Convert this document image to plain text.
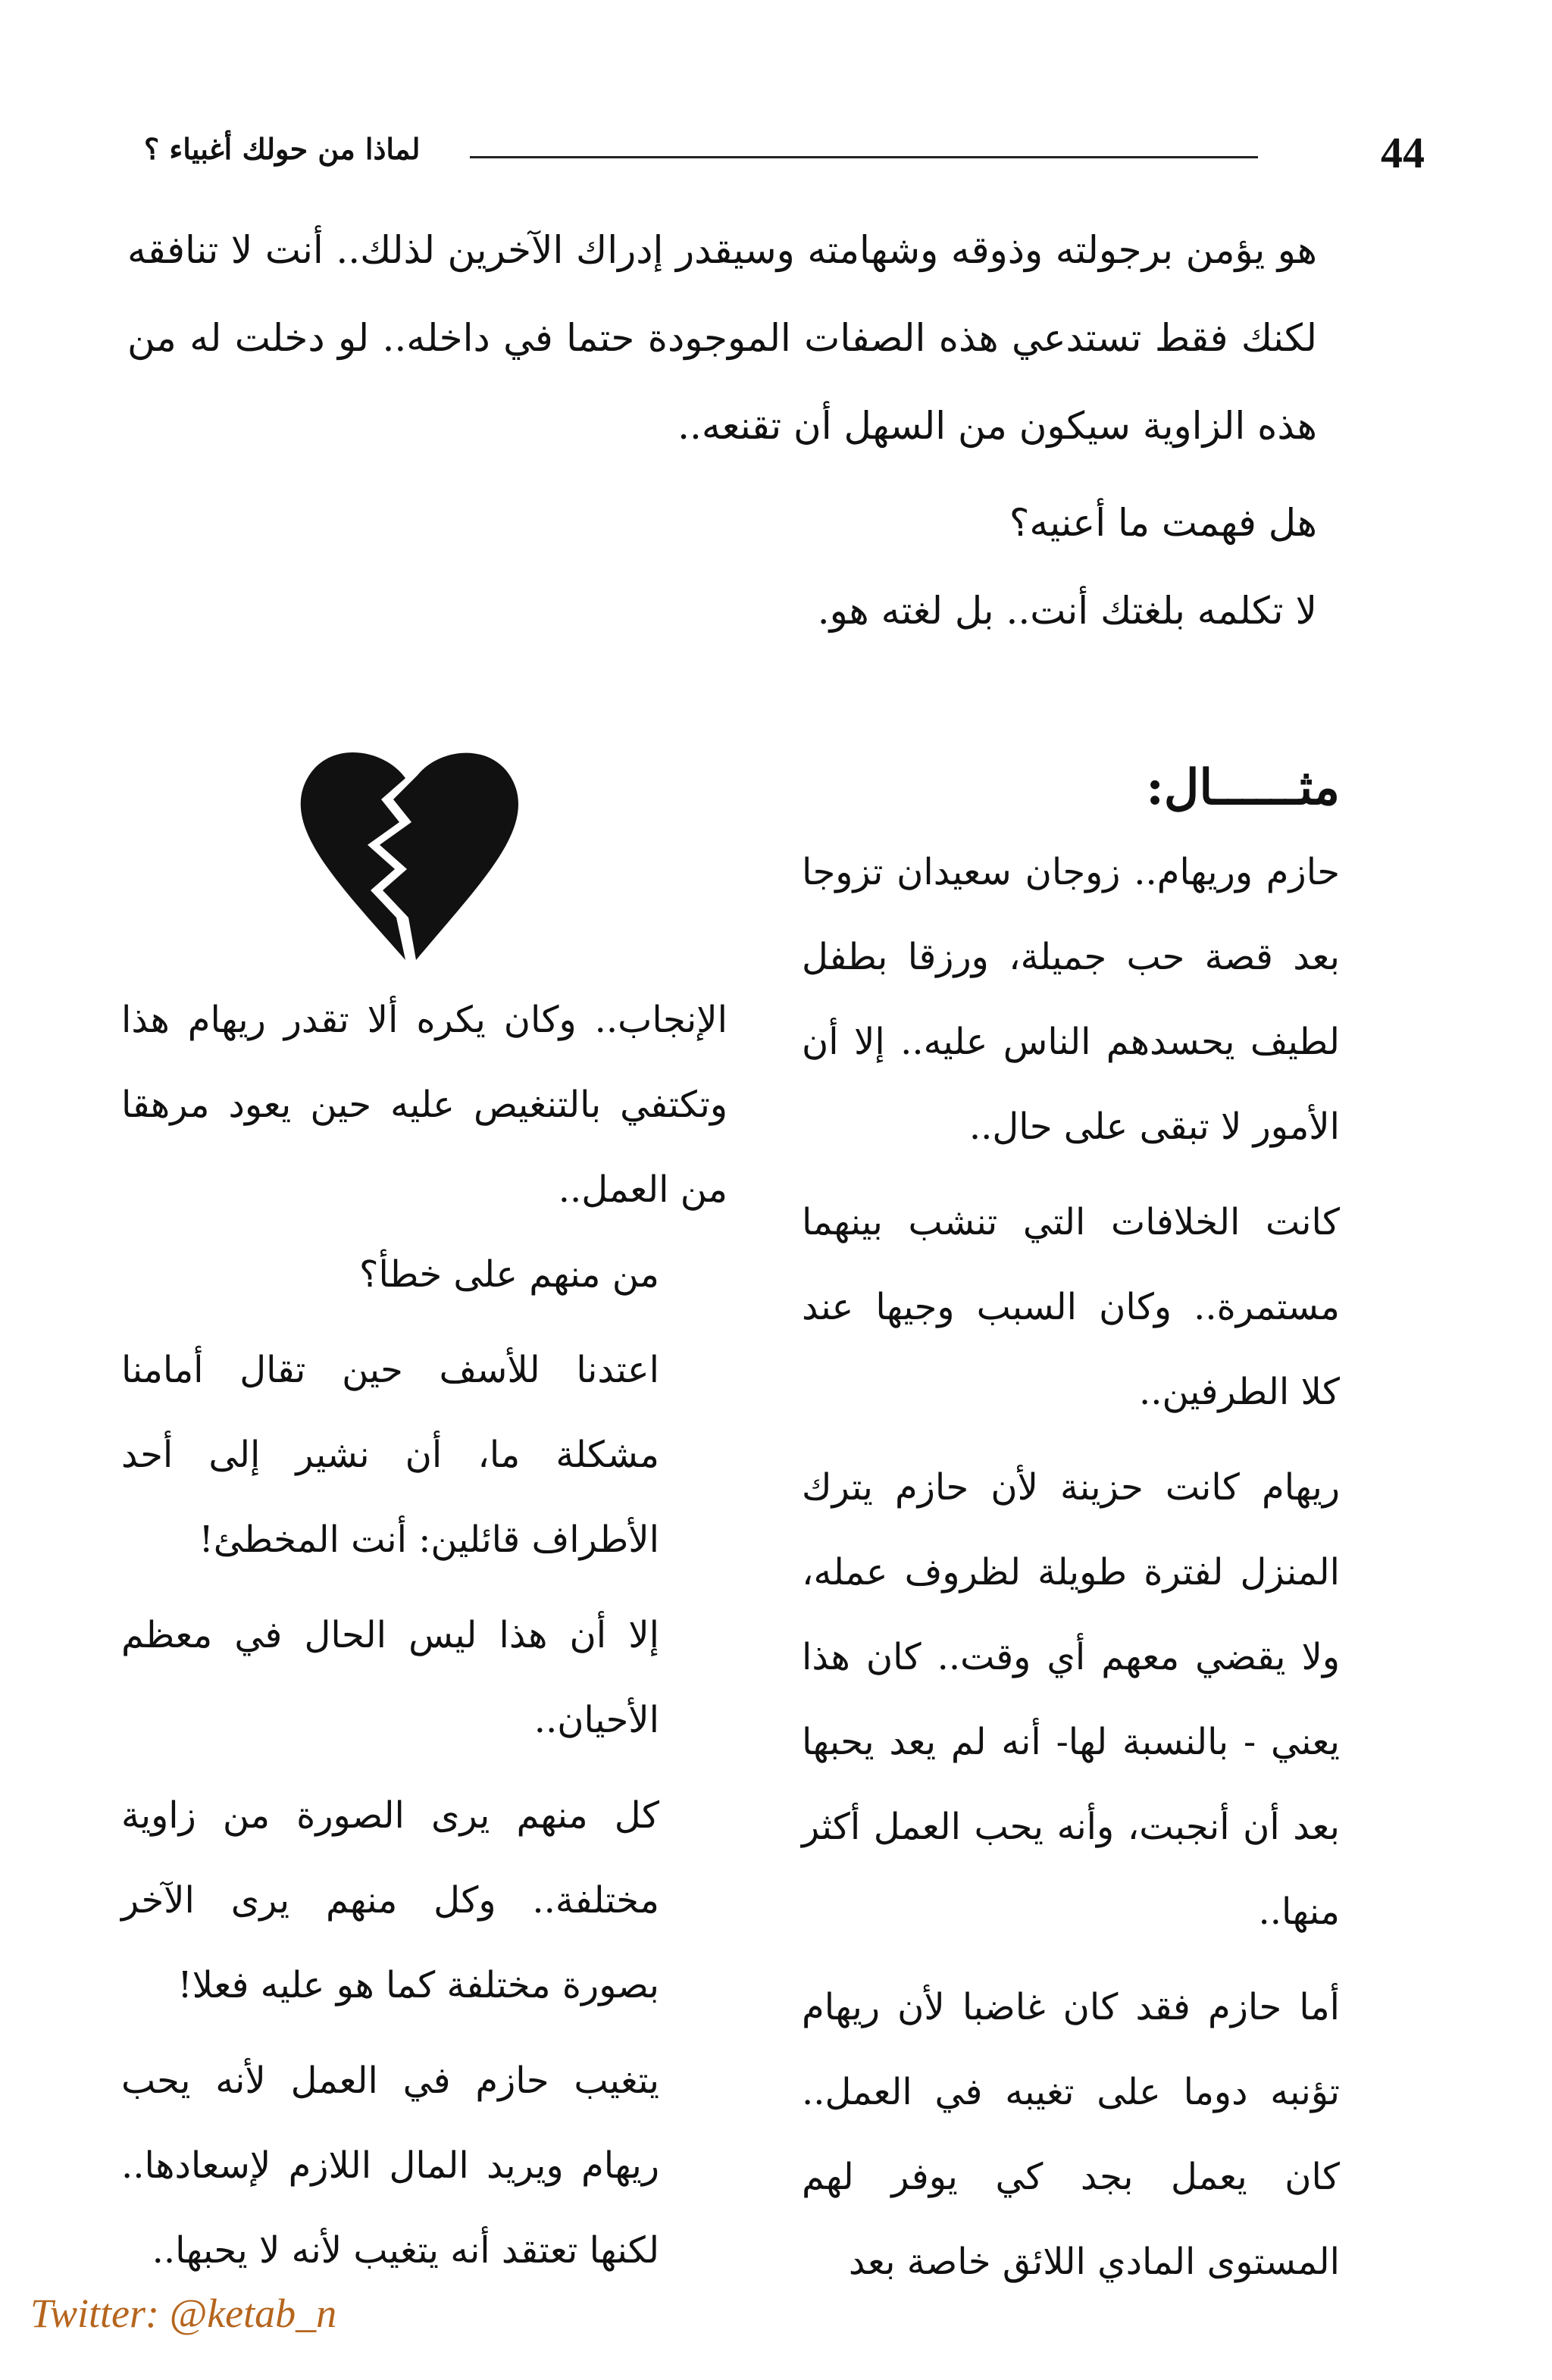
44
لماذا من حولك أغبياء ؟

هو يؤمن برجولته وذوقه وشهامته وسيقدر إدراك الآخرين لذلك.. أنت لا تنافقه لكنك فقط تستدعي هذه الصفات الموجودة حتما في داخله.. لو دخلت له من هذه الزاوية سيكون من السهل أن تقنعه..

هل فهمت ما أعنيه؟

لا تكلمه بلغتك أنت.. بل لغته هو.

مثــــــال:

حازم وريهام.. زوجان سعيدان تزوجا بعد قصة حب جميلة، ورزقا بطفل لطيف يحسدهم الناس عليه.. إلا أن الأمور لا تبقى على حال..

كانت الخلافات التي تنشب بينهما مستمرة.. وكان السبب وجيها عند كلا الطرفين..

ريهام كانت حزينة لأن حازم يترك المنزل لفترة طويلة لظروف عمله، ولا يقضي معهم أي وقت.. كان هذا يعني - بالنسبة لها- أنه لم يعد يحبها بعد أن أنجبت، وأنه يحب العمل أكثر منها..

أما حازم فقد كان غاضبا لأن ريهام تؤنبه دوما على تغيبه في العمل.. كان يعمل بجد كي يوفر لهم المستوى المادي اللائق خاصة بعد

الإنجاب.. وكان يكره ألا تقدر ريهام هذا وتكتفي بالتنغيص عليه حين يعود مرهقا من العمل..

من منهم على خطأ؟

اعتدنا للأسف حين تقال أمامنا مشكلة ما، أن نشير إلى أحد الأطراف قائلين: أنت المخطئ!

إلا أن هذا ليس الحال في معظم الأحيان..

كل منهم يرى الصورة من زاوية مختلفة.. وكل منهم يرى الآخر بصورة مختلفة كما هو عليه فعلا!

يتغيب حازم في العمل لأنه يحب ريهام ويريد المال اللازم لإسعادها.. لكنها تعتقد أنه يتغيب لأنه لا يحبها..

Twitter: @ketab_n
